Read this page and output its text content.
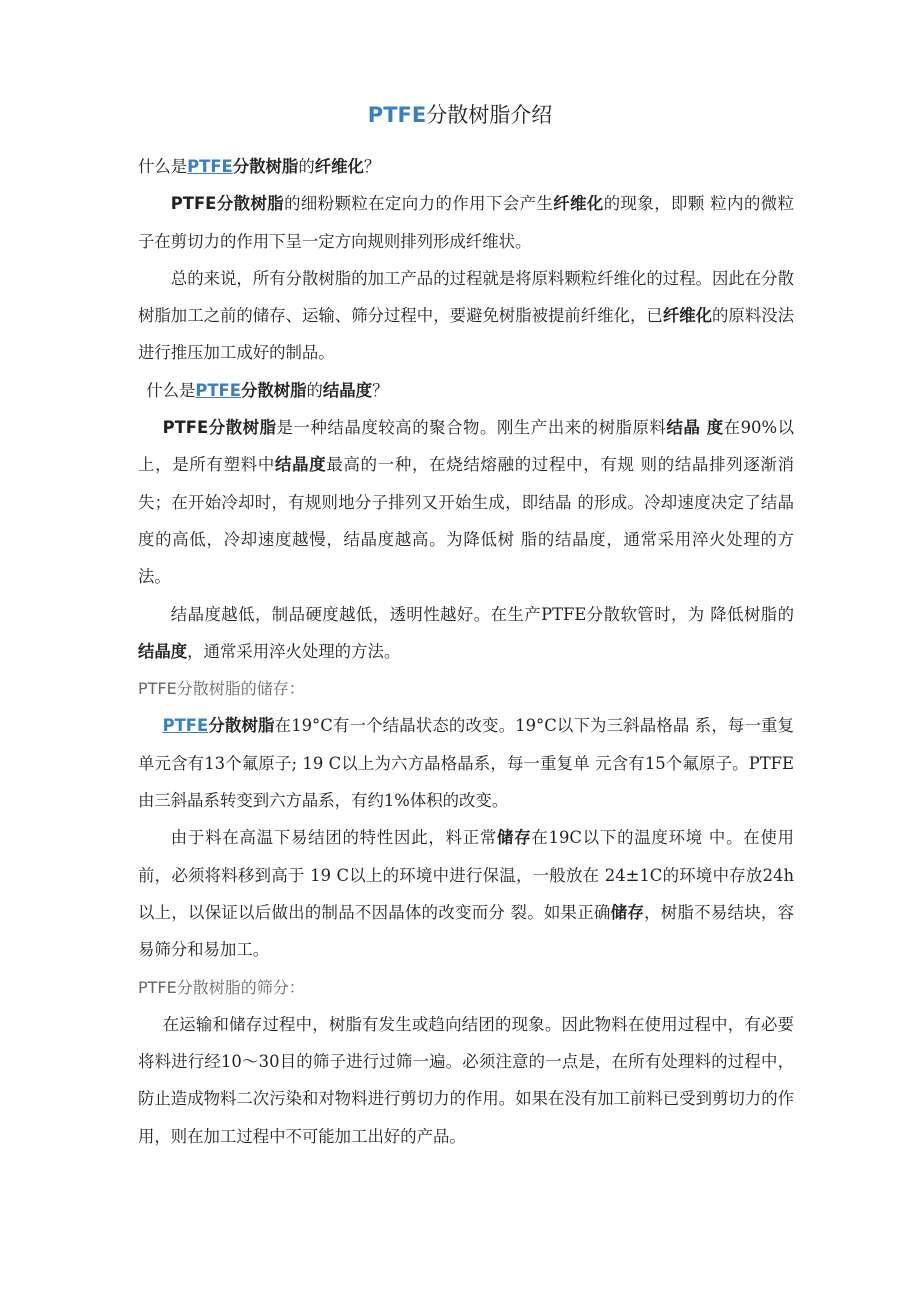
PTFE分散树脂介绍

什么是PTFE分散树脂的纤维化？

PTFE分散树脂的细粉颗粒在定向力的作用下会产生纤维化的现象，即颗 粒内的微粒子在剪切力的作用下呈一定方向规则排列形成纤维状。

总的来说，所有分散树脂的加工产品的过程就是将原料颗粒纤维化的过程。因此在分散树脂加工之前的储存、运输、筛分过程中，要避免树脂被提前纤维化，已纤维化的原料没法进行推压加工成好的制品。

什么是PTFE分散树脂的结晶度？

PTFE分散树脂是一种结晶度较高的聚合物。刚生产出来的树脂原料结晶 度在90%以上，是所有塑料中结晶度最高的一种，在烧结熔融的过程中，有规 则的结晶排列逐渐消失；在开始冷却时，有规则地分子排列又开始生成，即结晶 的形成。冷却速度决定了结晶度的高低，冷却速度越慢，结晶度越高。为降低树 脂的结晶度，通常采用淬火处理的方法。

结晶度越低，制品硬度越低，透明性越好。在生产PTFE分散软管时，为 降低树脂的结晶度，通常采用淬火处理的方法。

PTFE分散树脂的储存：

PTFE分散树脂在19°C有一个结晶状态的改变。19°C以下为三斜晶格晶 系，每一重复单元含有13个氟原子; 19 C以上为六方晶格晶系，每一重复单 元含有15个氟原子。PTFE由三斜晶系转变到六方晶系，有约1%体积的改变。

由于料在高温下易结团的特性因此，料正常储存在19C以下的温度环境 中。在使用前，必须将料移到高于 19 C以上的环境中进行保温，一般放在 24±1C的环境中存放24h以上，以保证以后做出的制品不因晶体的改变而分 裂。如果正确储存，树脂不易结块，容易筛分和易加工。

PTFE分散树脂的筛分：

在运输和储存过程中，树脂有发生或趋向结团的现象。因此物料在使用过程中，有必要将料进行经10～30目的筛子进行过筛一遍。必须注意的一点是，在所有处理料的过程中，防止造成物料二次污染和对物料进行剪切力的作用。如果在没有加工前料已受到剪切力的作用，则在加工过程中不可能加工出好的产品。
